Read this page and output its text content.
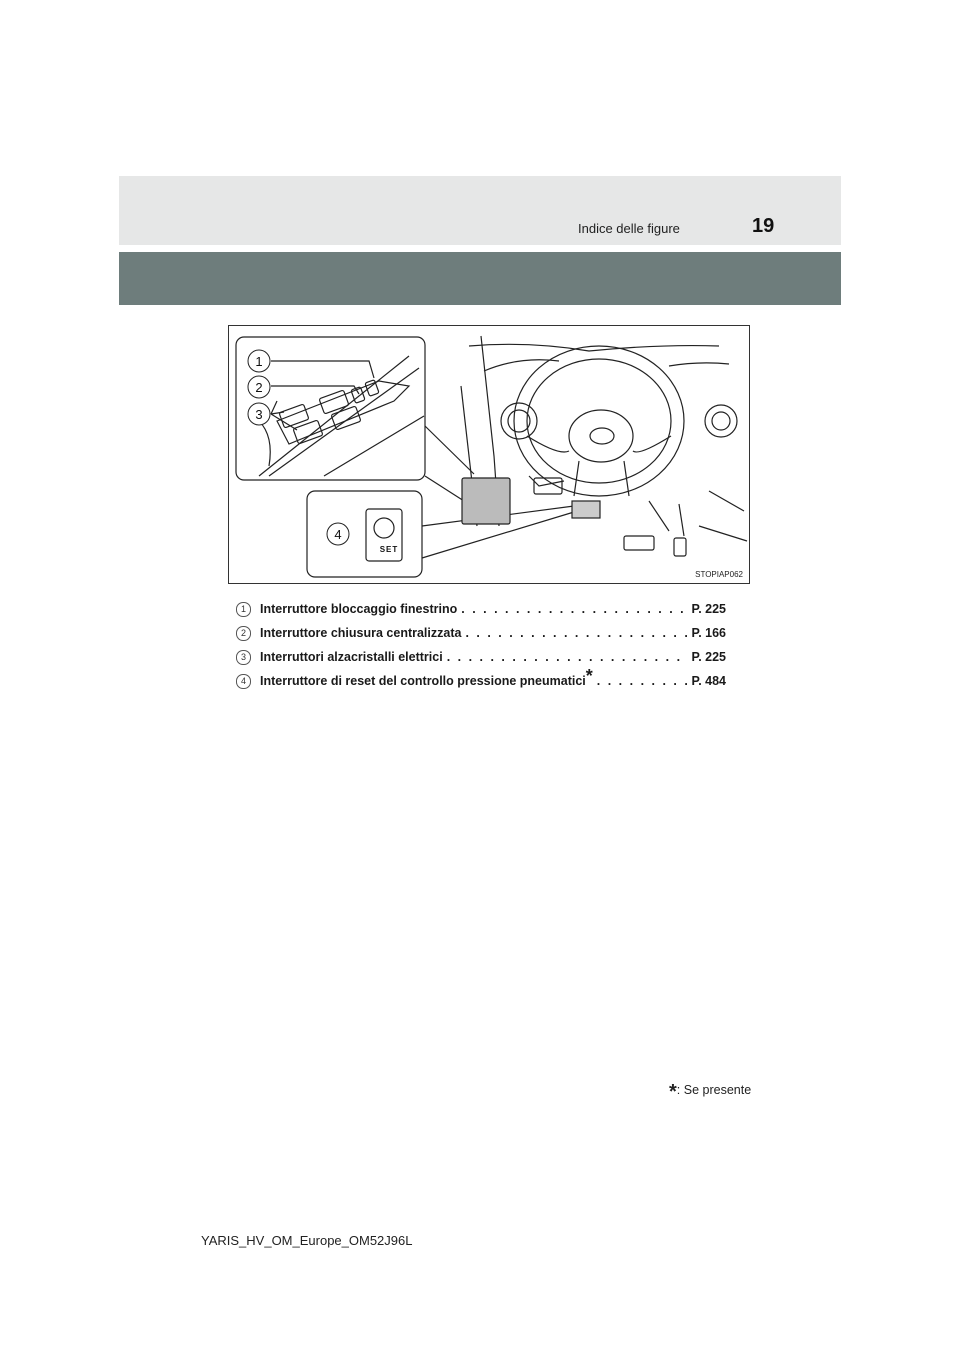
Indice delle figure	19
1
2
3
4
SET
STOPIAP062
1	Interruttore bloccaggio finestrino . . .	P. 225
2	Interruttore chiusura centralizzata . . .	P. 166
3	Interruttori alzacristalli elettrici . . .	P. 225
4	Interruttore di reset del controllo pressione pneumatici* . . .	P. 484
*: Se presente
YARIS_HV_OM_Europe_OM52J96L
